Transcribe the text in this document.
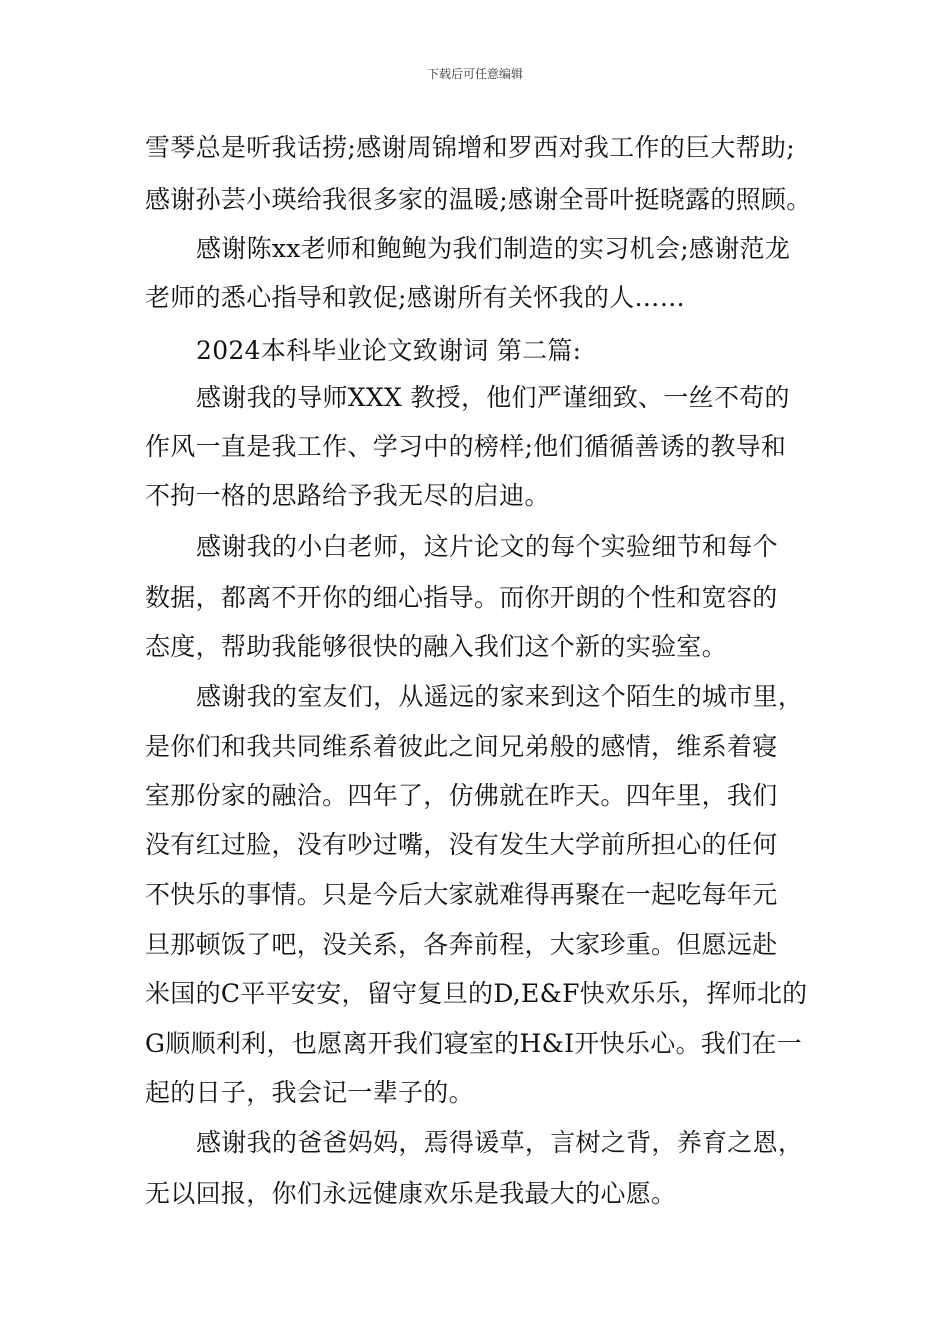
下载后可任意编辑
雪琴总是听我话捞;感谢周锦增和罗西对我工作的巨大帮助;
感谢孙芸小瑛给我很多家的温暖;感谢全哥叶挺晓露的照顾。
感谢陈xx老师和鲍鲍为我们制造的实习机会;感谢范龙
老师的悉心指导和敦促;感谢所有关怀我的人……
2024本科毕业论文致谢词 第二篇:
感谢我的导师XXX 教授，他们严谨细致、一丝不苟的
作风一直是我工作、学习中的榜样;他们循循善诱的教导和
不拘一格的思路给予我无尽的启迪。
感谢我的小白老师，这片论文的每个实验细节和每个
数据，都离不开你的细心指导。而你开朗的个性和宽容的
态度，帮助我能够很快的融入我们这个新的实验室。
感谢我的室友们，从遥远的家来到这个陌生的城市里，
是你们和我共同维系着彼此之间兄弟般的感情，维系着寝
室那份家的融洽。四年了，仿佛就在昨天。四年里，我们
没有红过脸，没有吵过嘴，没有发生大学前所担心的任何
不快乐的事情。只是今后大家就难得再聚在一起吃每年元
旦那顿饭了吧，没关系，各奔前程，大家珍重。但愿远赴
米国的C平平安安，留守复旦的D,E&F快欢乐乐，挥师北的
G顺顺利利，也愿离开我们寝室的H&I开快乐心。我们在一
起的日子，我会记一辈子的。
感谢我的爸爸妈妈，焉得谖草，言树之背，养育之恩，
无以回报，你们永远健康欢乐是我最大的心愿。
